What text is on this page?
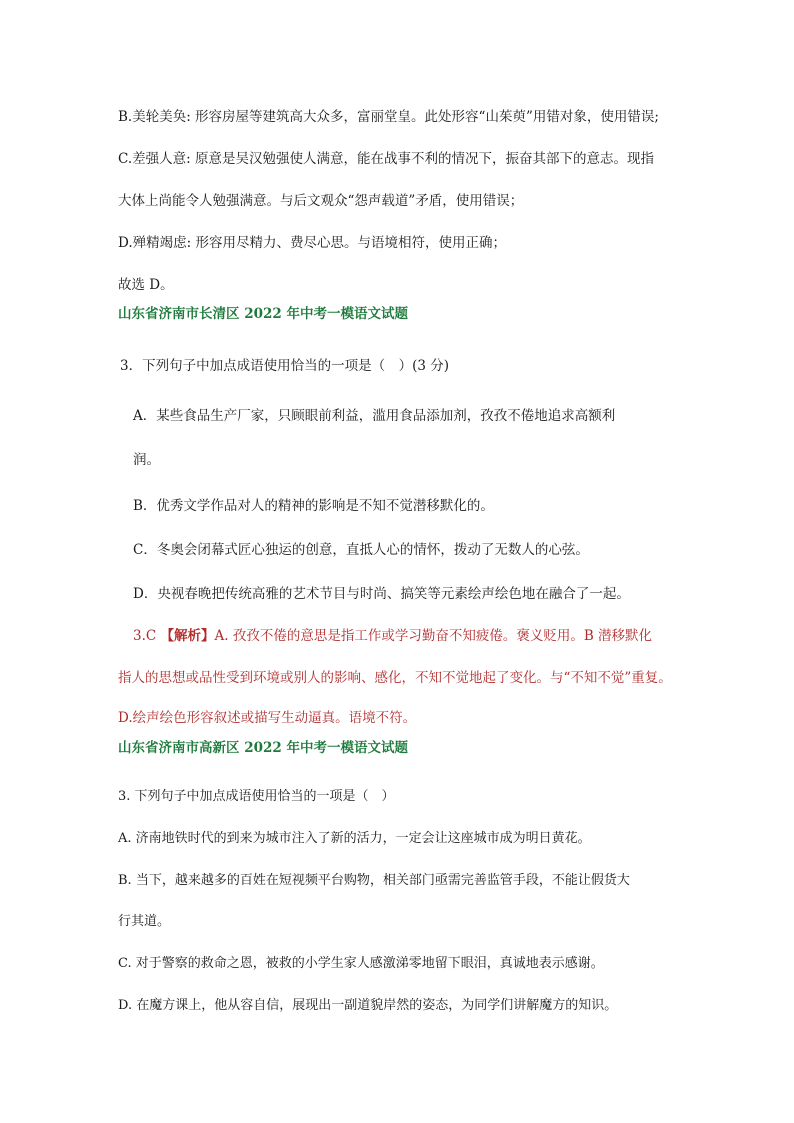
B.美轮美奂: 形容房屋等建筑高大众多，富丽堂皇。此处形容“山茱萸”用错对象，使用错误;
C.差强人意: 原意是吴汉勉强使人满意，能在战事不利的情况下，振奋其部下的意志。现指
大体上尚能令人勉强满意。与后文观众“怨声载道”矛盾，使用错误；
D.殚精竭虑: 形容用尽精力、费尽心思。与语境相符，使用正确；
故选 D。
山东省济南市长清区 2022 年中考一模语文试题
3．下列句子中加点成语使用恰当的一项是（　）(3 分)
A．某些食品生产厂家，只顾眼前利益，滥用食品添加剂，孜孜不倦地追求高额利
润。
B．优秀文学作品对人的精神的影响是不知不觉潜移默化的。
C．冬奥会闭幕式匠心独运的创意，直抵人心的情怀，拨动了无数人的心弦。
D．央视春晚把传统高雅的艺术节目与时尚、搞笑等元素绘声绘色地在融合了一起。
3.C 【解析】A. 孜孜不倦的意思是指工作或学习勤奋不知疲倦。褒义贬用。B 潜移默化
指人的思想或品性受到环境或别人的影响、感化，不知不觉地起了变化。与“不知不觉”重复。
D.绘声绘色形容叙述或描写生动逼真。语境不符。
山东省济南市高新区 2022 年中考一模语文试题
3. 下列句子中加点成语使用恰当的一项是（　）
A. 济南地铁时代的到来为城市注入了新的活力，一定会让这座城市成为明日黄花。
B. 当下，越来越多的百姓在短视频平台购物，相关部门亟需完善监管手段，不能让假货大
行其道。
C. 对于警察的救命之恩，被救的小学生家人感激涕零地留下眼泪，真诚地表示感谢。
D. 在魔方课上，他从容自信，展现出一副道貌岸然的姿态，为同学们讲解魔方的知识。
